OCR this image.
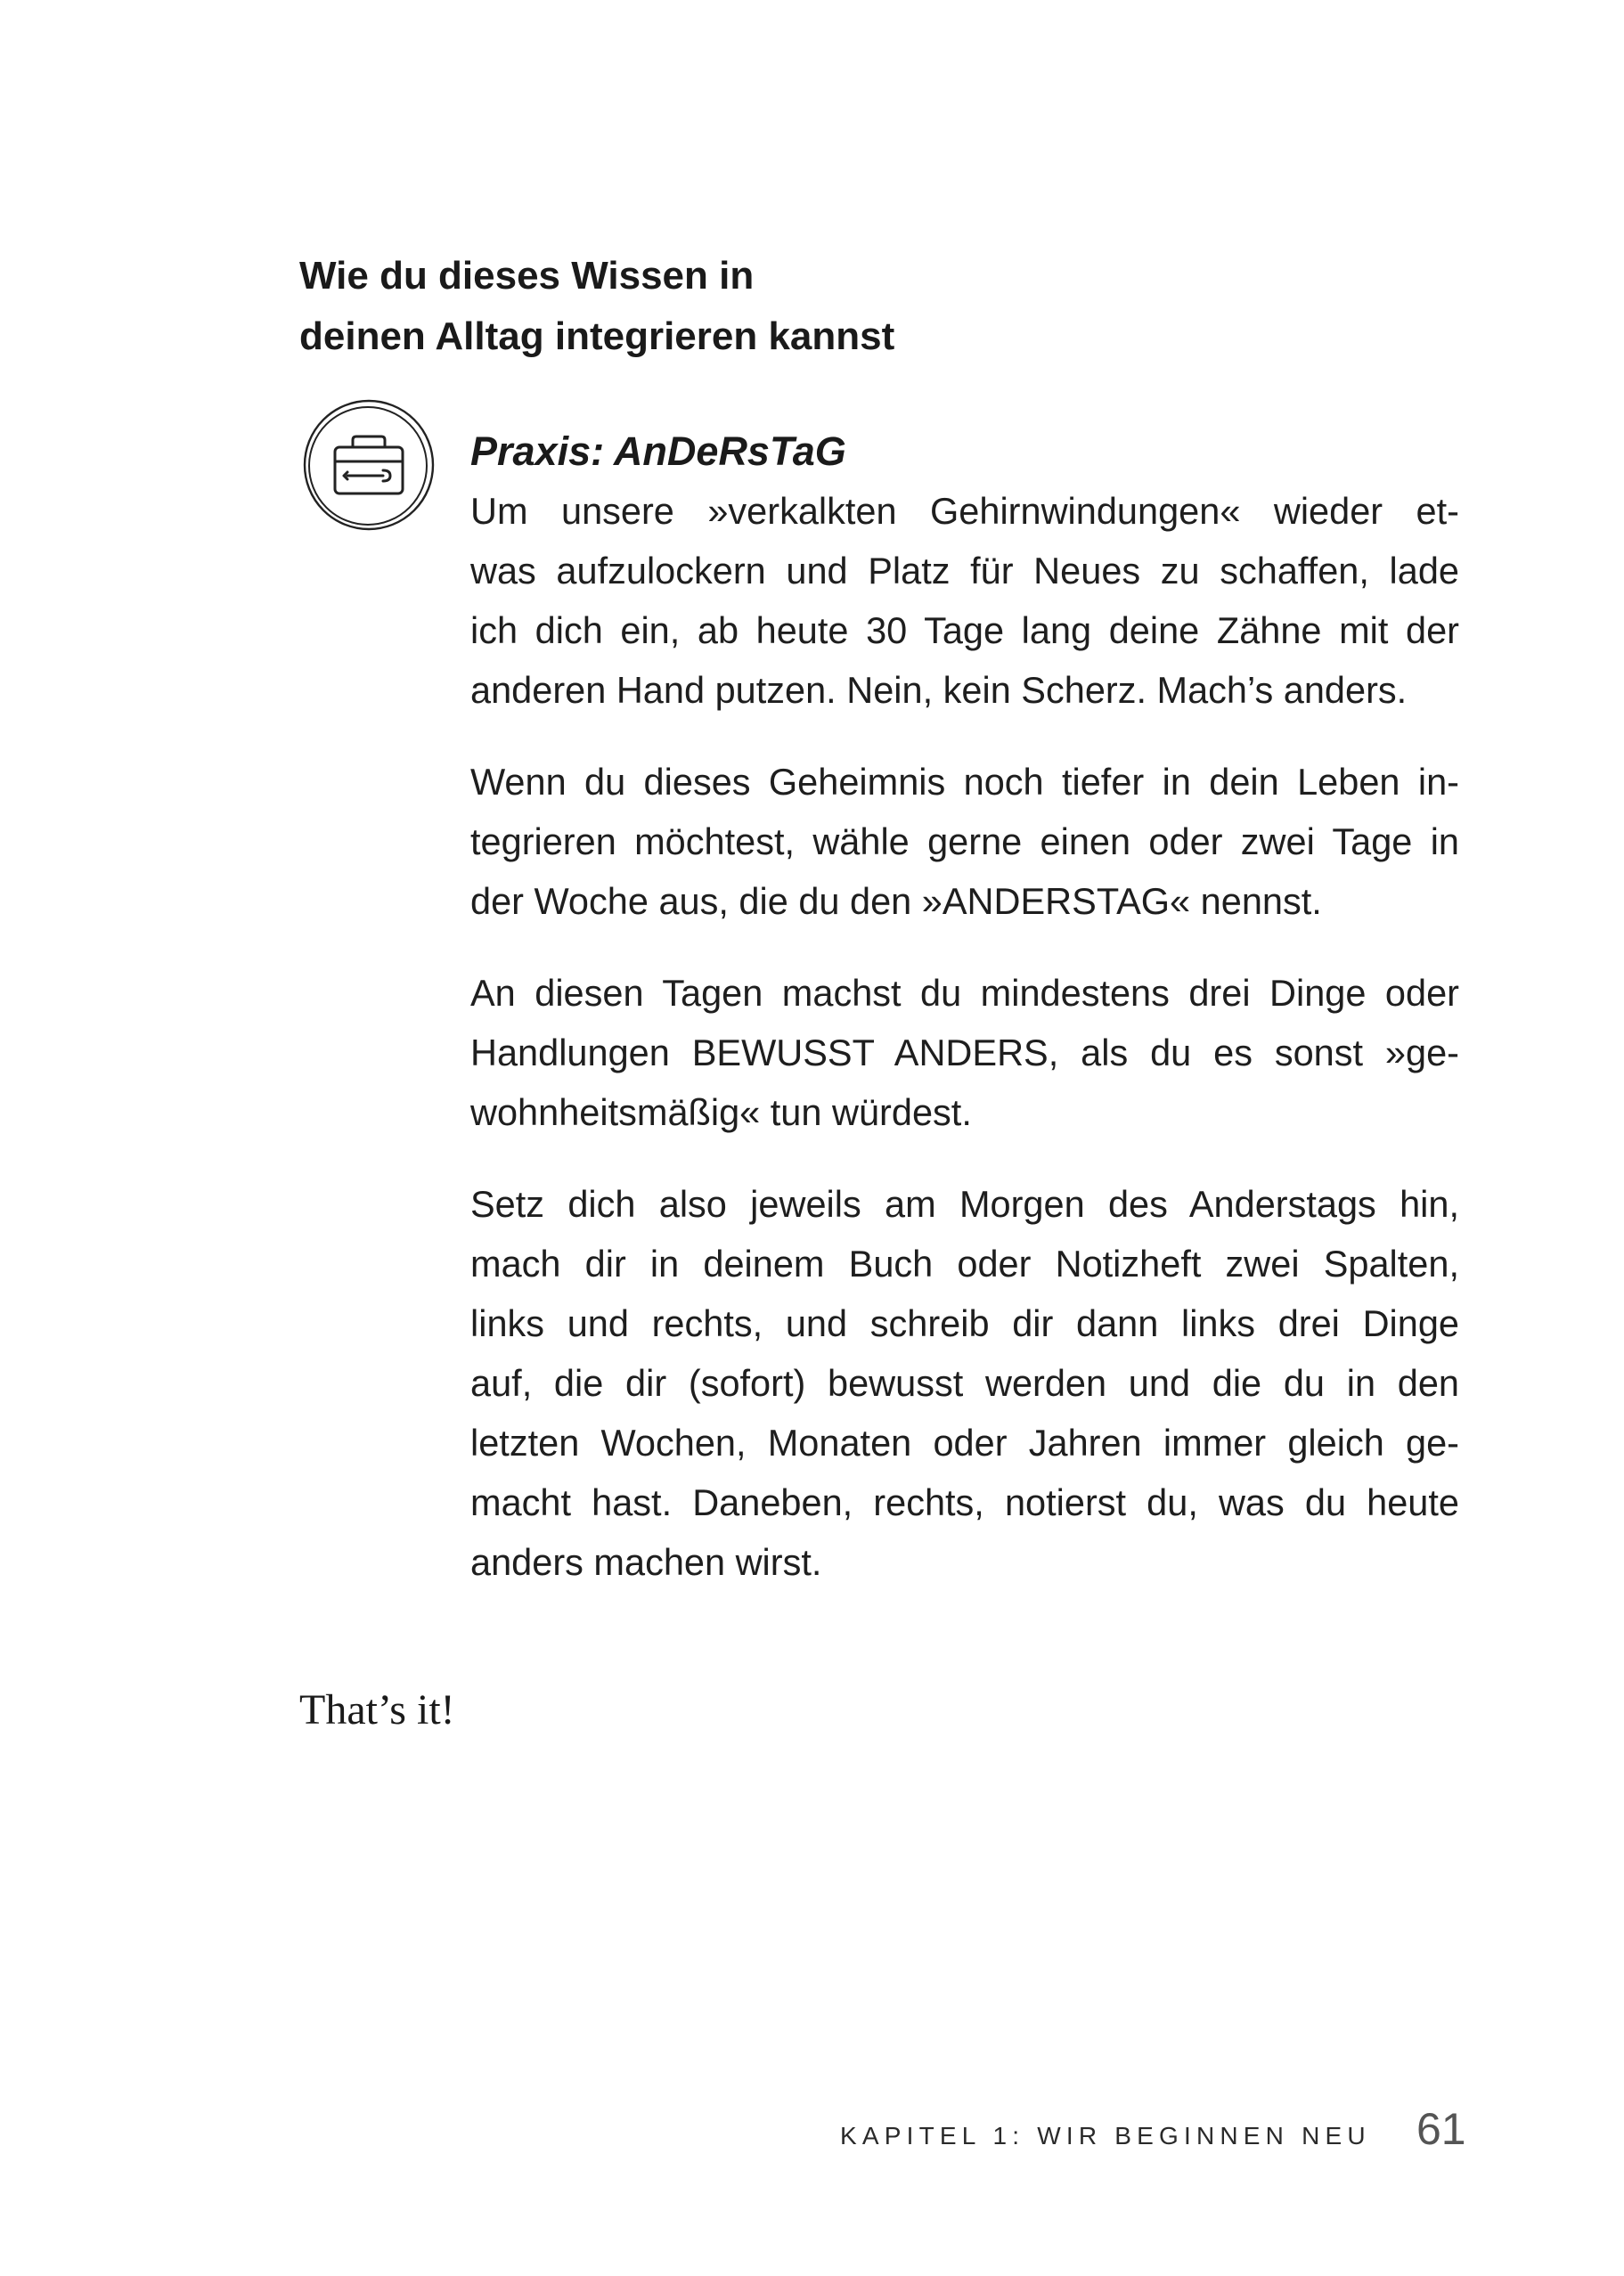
Wie du dieses Wissen in
deinen Alltag integrieren kannst
Praxis: AnDeRsTaG
Um unsere »verkalkten Gehirnwindungen« wieder et-
was aufzulockern und Platz für Neues zu schaffen, lade
ich dich ein, ab heute 30 Tage lang deine Zähne mit der
anderen Hand putzen. Nein, kein Scherz. Mach’s anders.
Wenn du dieses Geheimnis noch tiefer in dein Leben in-
tegrieren möchtest, wähle gerne einen oder zwei Tage in
der Woche aus, die du den »ANDERSTAG« nennst.
An diesen Tagen machst du mindestens drei Dinge oder
Handlungen BEWUSST ANDERS, als du es sonst »ge-
wohnheitsmäßig« tun würdest.
Setz dich also jeweils am Morgen des Anderstags hin,
mach dir in deinem Buch oder Notizheft zwei Spalten,
links und rechts, und schreib dir dann links drei Dinge
auf, die dir (sofort) bewusst werden und die du in den
letzten Wochen, Monaten oder Jahren immer gleich ge-
macht hast. Daneben, rechts, notierst du, was du heute
anders machen wirst.
That’s it!
KAPITEL 1: WIR BEGINNEN NEU 61
